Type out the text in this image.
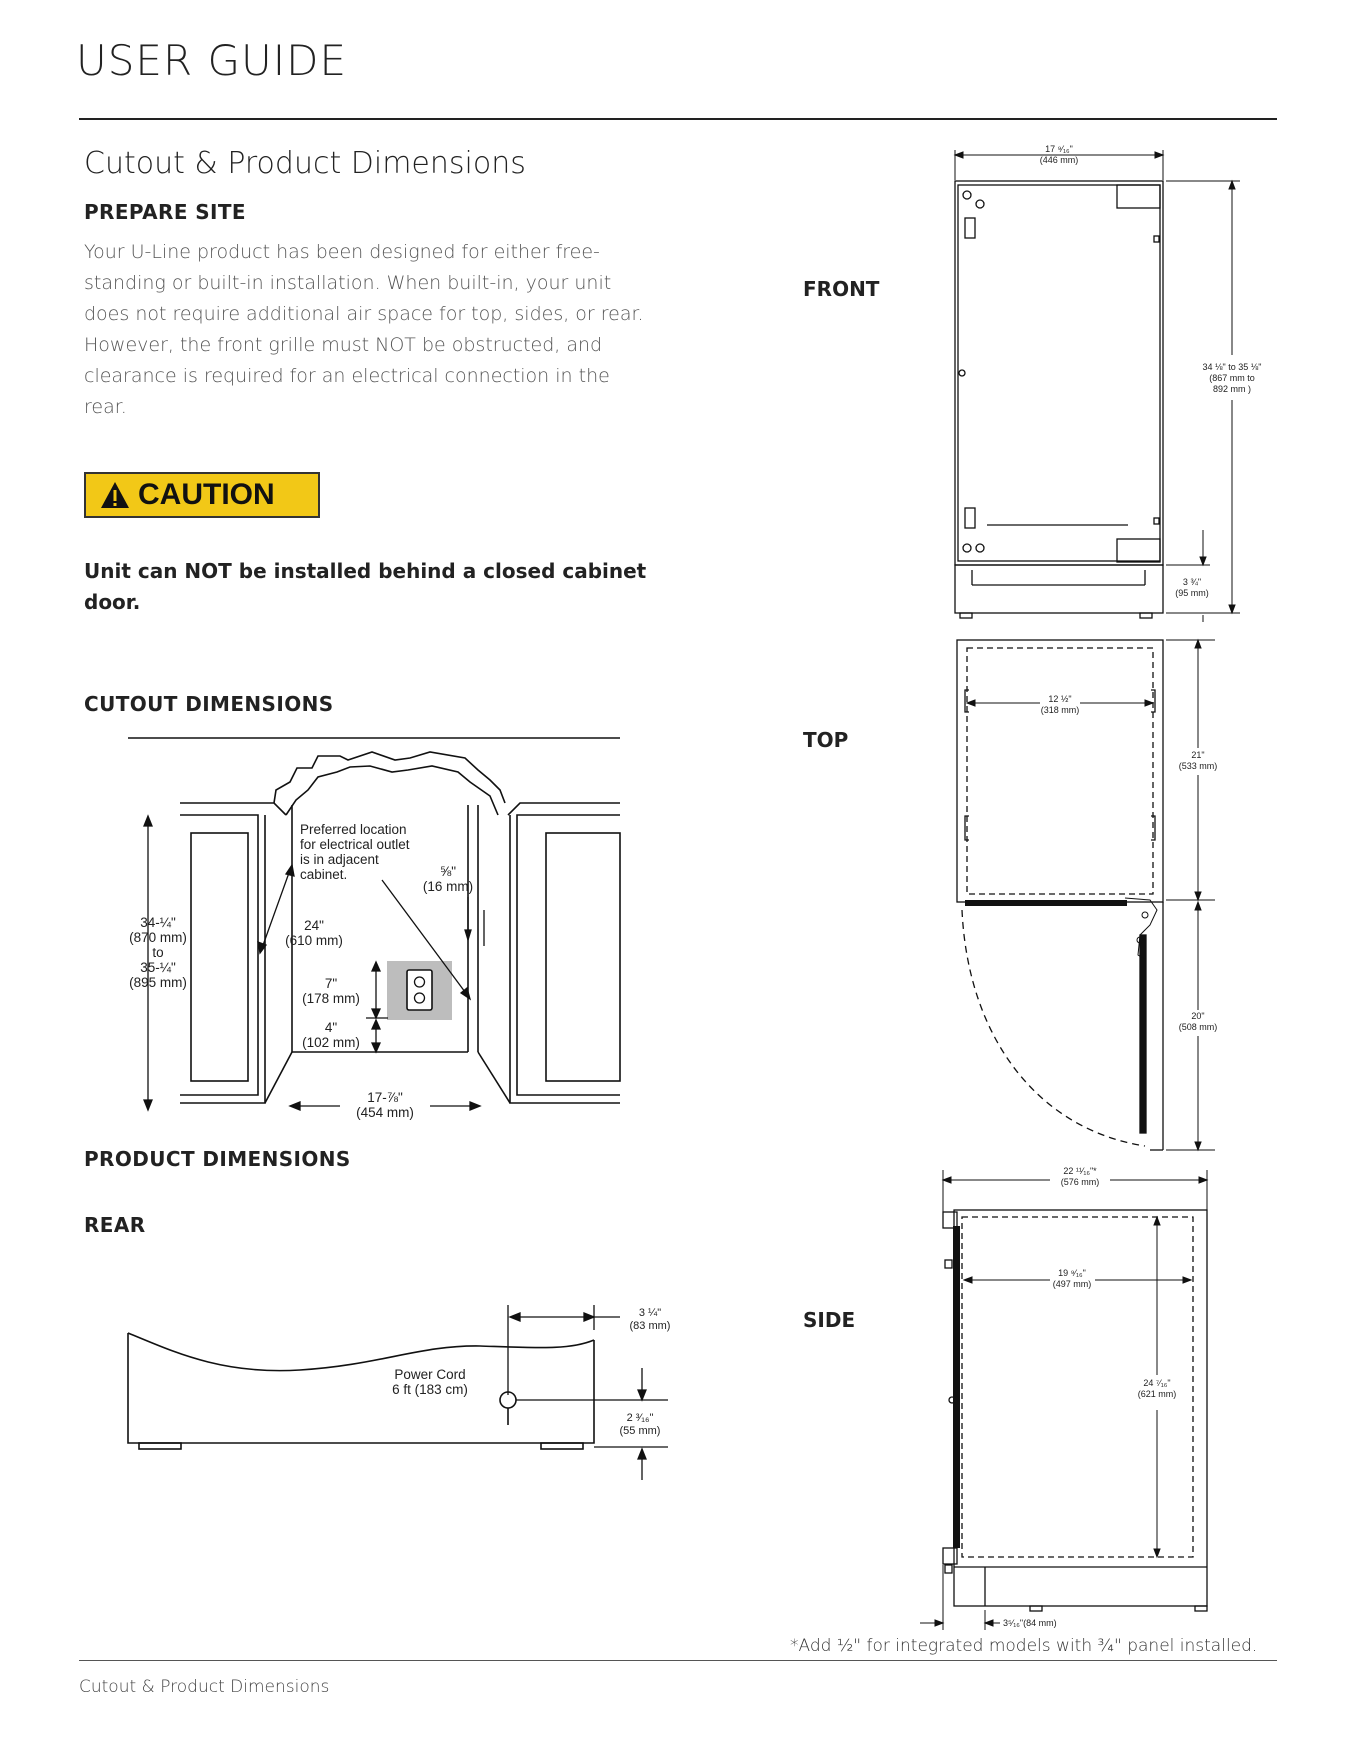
USER GUIDE
Cutout & Product Dimensions
PREPARE SITE
Your U-Line product has been designed for either free-standing or built-in installation. When built-in, your unit does not require additional air space for top, sides, or rear. However, the front grille must NOT be obstructed, and clearance is required for an electrical connection in the rear.
CAUTION
Unit can NOT be installed behind a closed cabinet door.
CUTOUT DIMENSIONS
Preferred location
for electrical outlet
is in adjacent
cabinet.
34-¼"
(870 mm)
to
35-¼"
(895 mm)
24"
(610 mm)
⅝"
(16 mm)
7"
(178 mm)
4"
(102 mm)
17-⅞"
(454 mm)
PRODUCT DIMENSIONS
REAR
Power Cord
6 ft (183 cm)
3 ¼"
(83 mm)
2 ³⁄₁₆"
(55 mm)
FRONT
TOP
SIDE
17 ⁹⁄₁₆"
(446 mm)
34 ⅛" to 35 ⅛"
(867 mm to
892 mm )
3 ¾"
(95 mm)
12 ½"
(318 mm)
21"
(533 mm)
20"
(508 mm)
22 ¹¹⁄₁₆"*
(576 mm)
19 ⁹⁄₁₆"
(497 mm)
24 ⁷⁄₁₆"
(621 mm)
3⁵⁄₁₆"(84 mm)
*Add ½" for integrated models with ¾" panel installed.
Cutout & Product Dimensions
